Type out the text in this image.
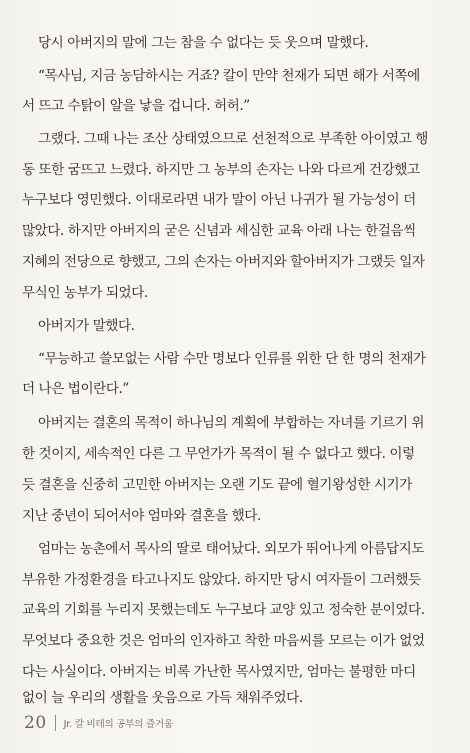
당시 아버지의 말에 그는 참을 수 없다는 듯 웃으며 말했다.
“목사님, 지금 농담하시는 거죠? 칼이 만약 천재가 되면 해가 서쪽에
서 뜨고 수탉이 알을 낳을 겁니다. 허허.”
그랬다. 그때 나는 조산 상태였으므로 선천적으로 부족한 아이였고 행
동 또한 굼뜨고 느렸다. 하지만 그 농부의 손자는 나와 다르게 건강했고
누구보다 영민했다. 이대로라면 내가 말이 아닌 나귀가 될 가능성이 더
많았다. 하지만 아버지의 굳은 신념과 세심한 교육 아래 나는 한걸음씩
지혜의 전당으로 향했고, 그의 손자는 아버지와 할아버지가 그랬듯 일자
무식인 농부가 되었다.
아버지가 말했다.
“무능하고 쓸모없는 사람 수만 명보다 인류를 위한 단 한 명의 천재가
더 나은 법이란다.”
아버지는 결혼의 목적이 하나님의 계획에 부합하는 자녀를 기르기 위
한 것이지, 세속적인 다른 그 무언가가 목적이 될 수 없다고 했다. 이렇
듯 결혼을 신중히 고민한 아버지는 오랜 기도 끝에 혈기왕성한 시기가
지난 중년이 되어서야 엄마와 결혼을 했다.
엄마는 농촌에서 목사의 딸로 태어났다. 외모가 뛰어나게 아름답지도
부유한 가정환경을 타고나지도 않았다. 하지만 당시 여자들이 그러했듯
교육의 기회를 누리지 못했는데도 누구보다 교양 있고 정숙한 분이었다.
무엇보다 중요한 것은 엄마의 인자하고 착한 마음씨를 모르는 이가 없었
다는 사실이다. 아버지는 비록 가난한 목사였지만, 엄마는 불평한 마디
없이 늘 우리의 생활을 웃음으로 가득 채워주었다.
20 Jr. 칼 비테의 공부의 즐거움
